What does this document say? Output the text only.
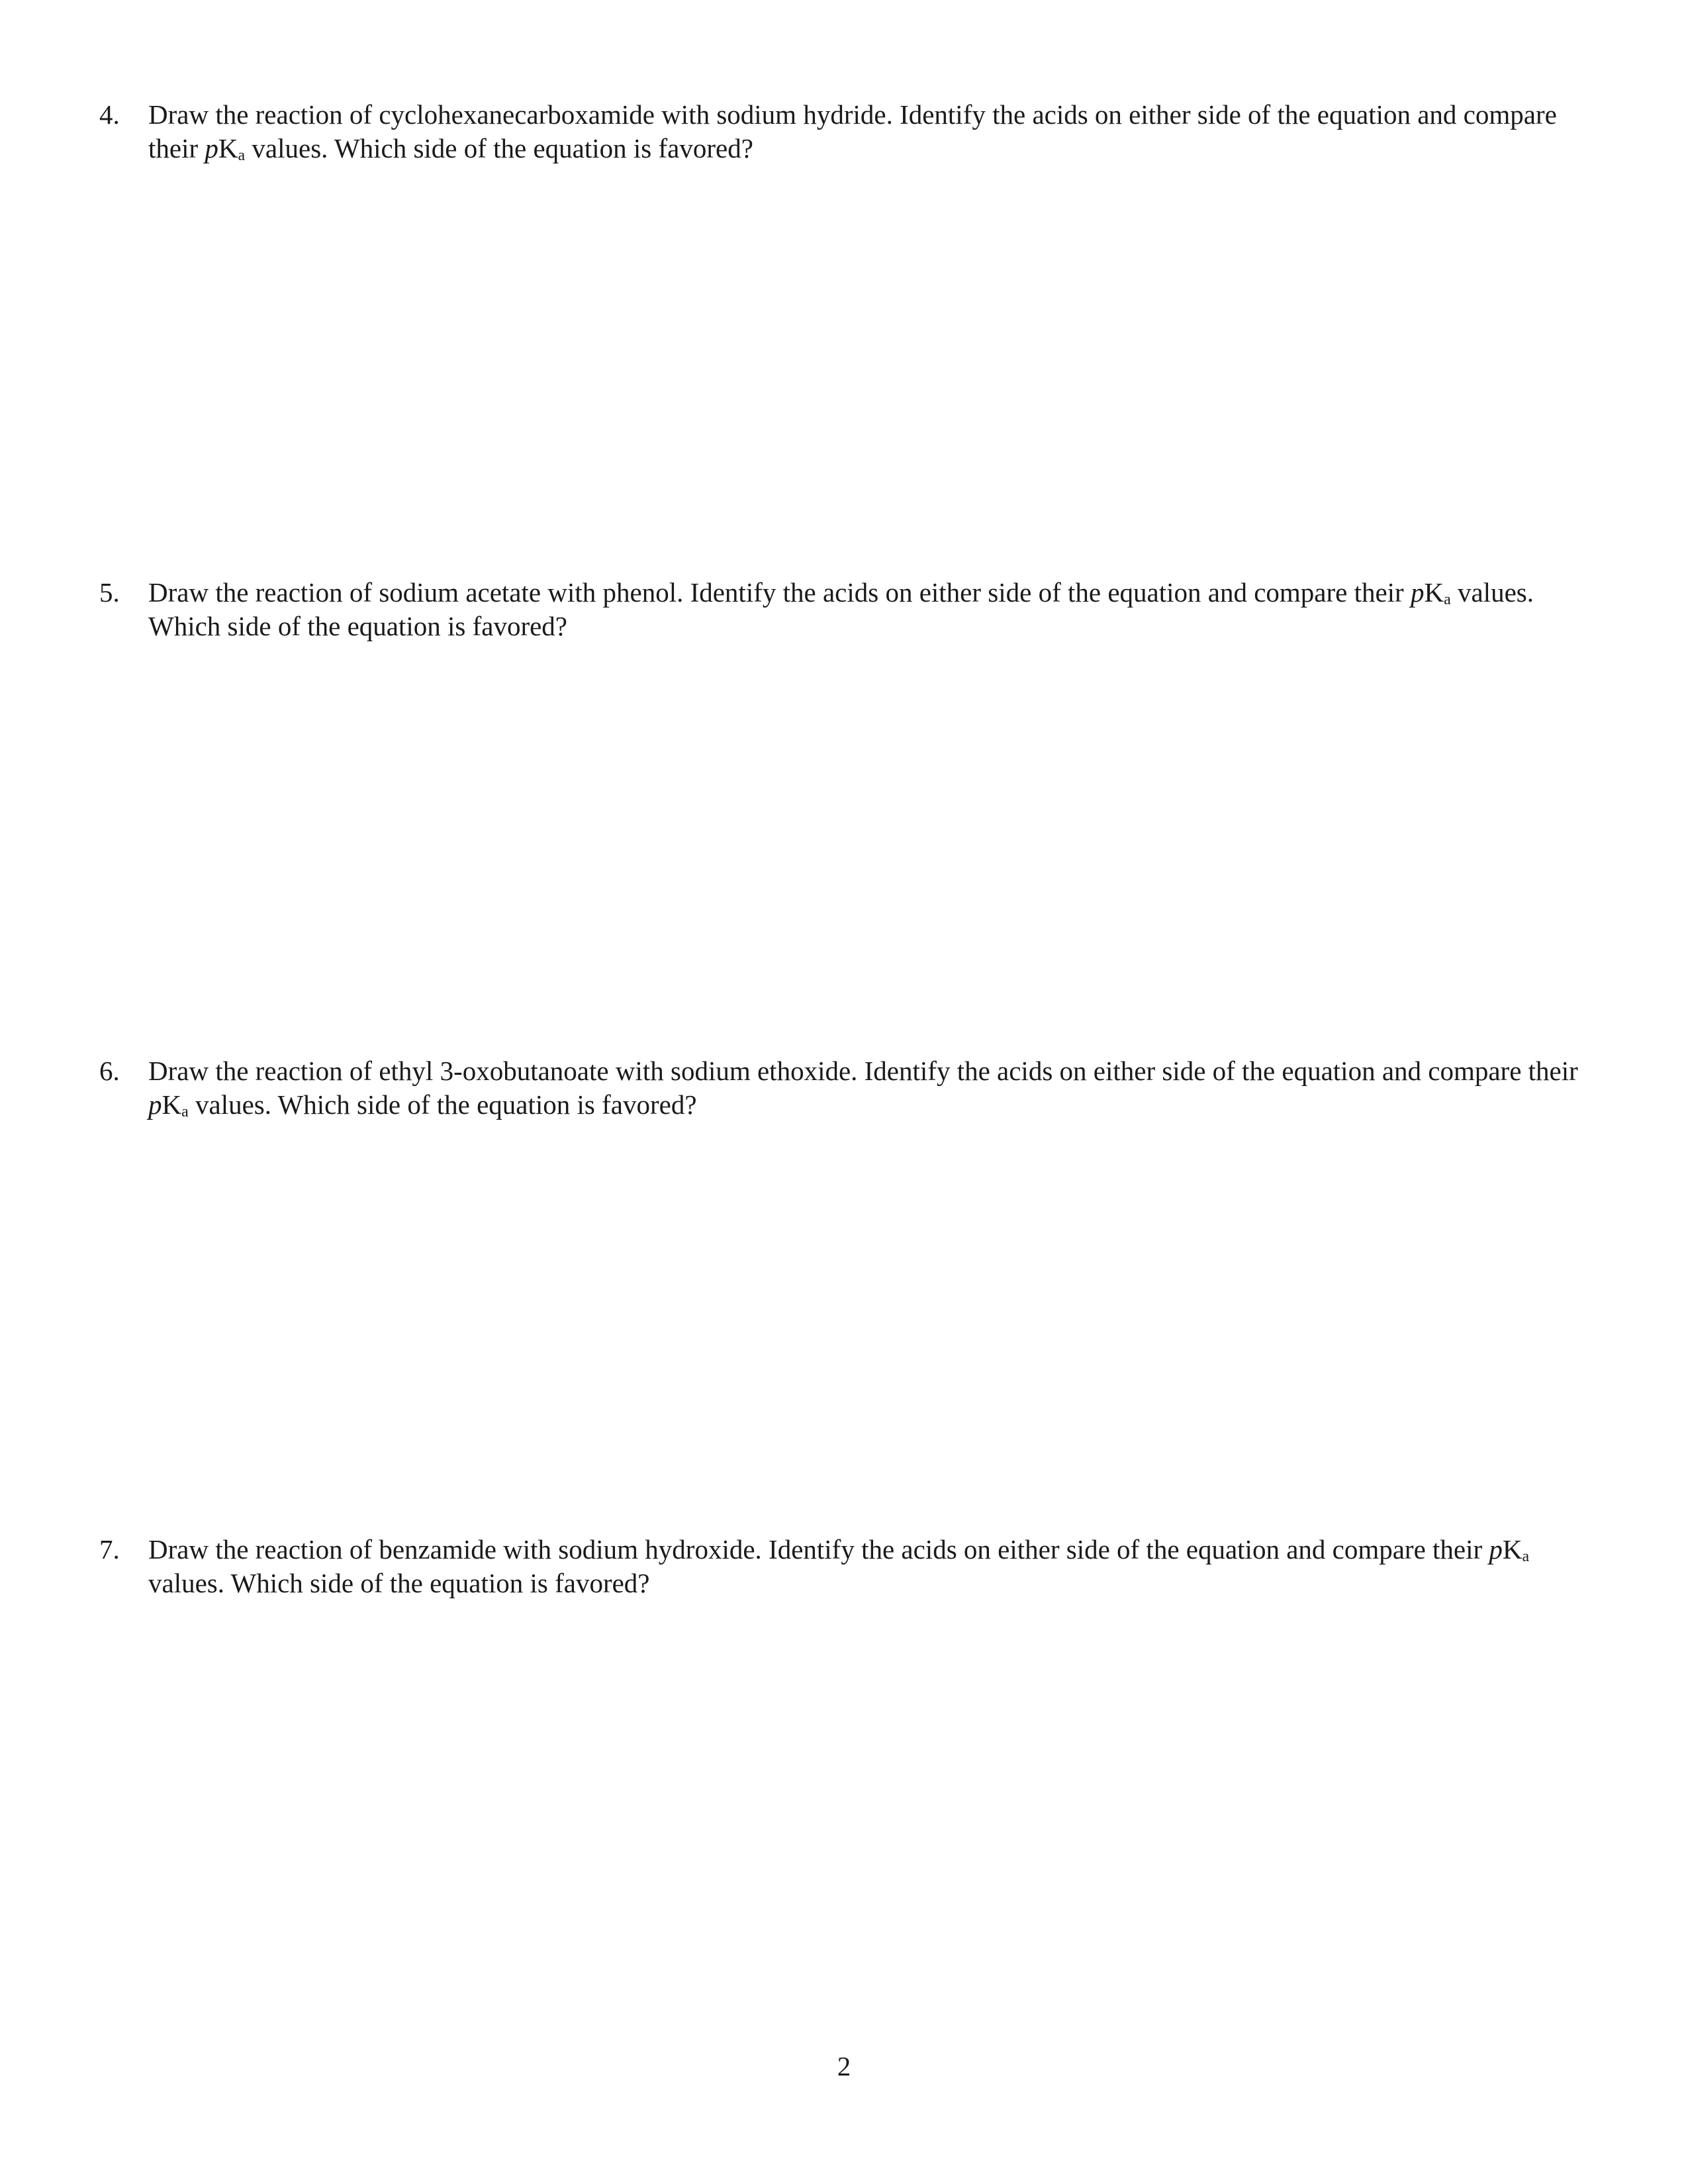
4.	Draw the reaction of cyclohexanecarboxamide with sodium hydride. Identify the acids on either side of the equation and compare their $pK_a$ values. Which side of the equation is favored?
5.	Draw the reaction of sodium acetate with phenol. Identify the acids on either side of the equation and compare their $pK_a$ values. Which side of the equation is favored?
6.	Draw the reaction of ethyl 3-oxobutanoate with sodium ethoxide. Identify the acids on either side of the equation and compare their $pK_a$ values. Which side of the equation is favored?
7.	Draw the reaction of benzamide with sodium hydroxide. Identify the acids on either side of the equation and compare their $pK_a$ values. Which side of the equation is favored?
2
